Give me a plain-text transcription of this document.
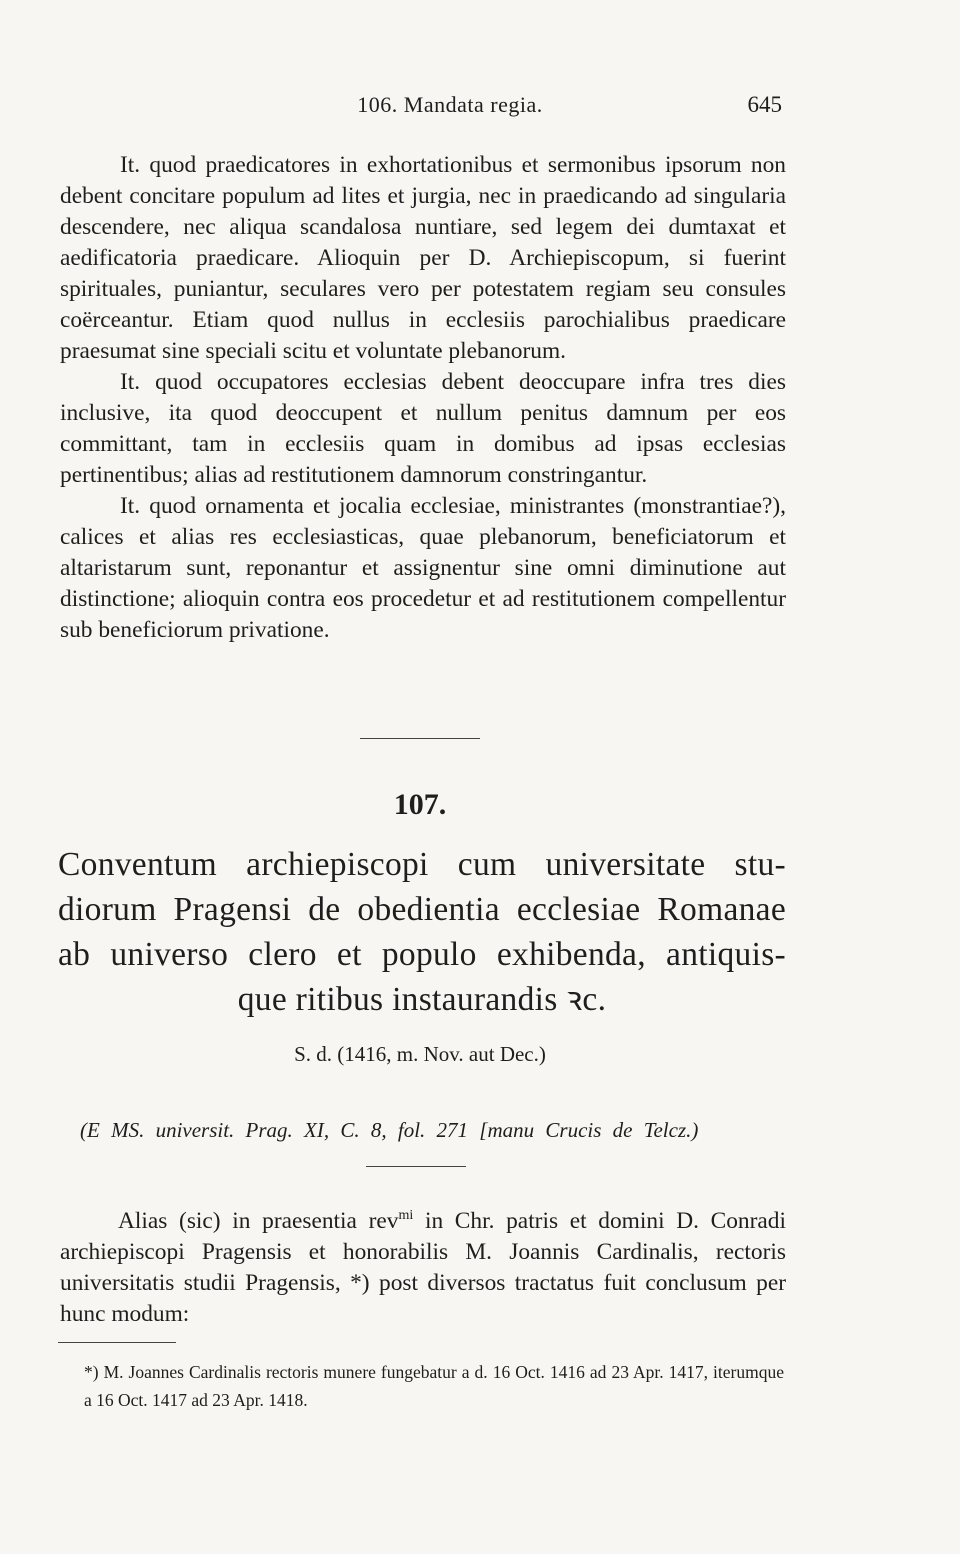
106. Mandata regia.	645

It. quod praedicatores in exhortationibus et sermonibus ipsorum non debent concitare populum ad lites et jurgia, nec in praedicando ad singularia descendere, nec aliqua scandalosa nuntiare, sed legem dei dumtaxat et aedificatoria praedicare. Alioquin per D. Archiepiscopum, si fuerint spirituales, puniantur, seculares vero per potestatem regiam seu consules coërceantur. Etiam quod nullus in ecclesiis parochialibus praedicare praesumat sine speciali scitu et voluntate plebanorum.

It. quod occupatores ecclesias debent deoccupare infra tres dies inclusive, ita quod deoccupent et nullum penitus damnum per eos committant, tam in ecclesiis quam in domibus ad ipsas ecclesias pertinentibus; alias ad restitutionem damnorum constringantur.

It. quod ornamenta et jocalia ecclesiae, ministrantes (monstrantiae?), calices et alias res ecclesiasticas, quae plebanorum, beneficiatorum et altaristarum sunt, reponantur et assignentur sine omni diminutione aut distinctione; alioquin contra eos procedetur et ad restitutionem compellentur sub beneficiorum privatione.

107.
Conventum archiepiscopi cum universitate stu-
diorum Pragensi de obedientia ecclesiae Romanae
ab universo clero et populo exhibenda, antiquis-
que ritibus instaurandis ꝛc.
S. d. (1416, m. Nov. aut Dec.)
(E MS. universit. Prag. XI, C. 8, fol. 271 [manu Crucis de Telcz.)

Alias (sic) in praesentia rev$^{mi}$ in Chr. patris et domini D. Conradi archiepiscopi Pragensis et honorabilis M. Joannis Cardinalis, rectoris universitatis studii Pragensis, *) post diversos tractatus fuit conclusum per hunc modum:

*) M. Joannes Cardinalis rectoris munere fungebatur a d. 16 Oct. 1416 ad 23 Apr. 1417, iterumque a 16 Oct. 1417 ad 23 Apr. 1418.
